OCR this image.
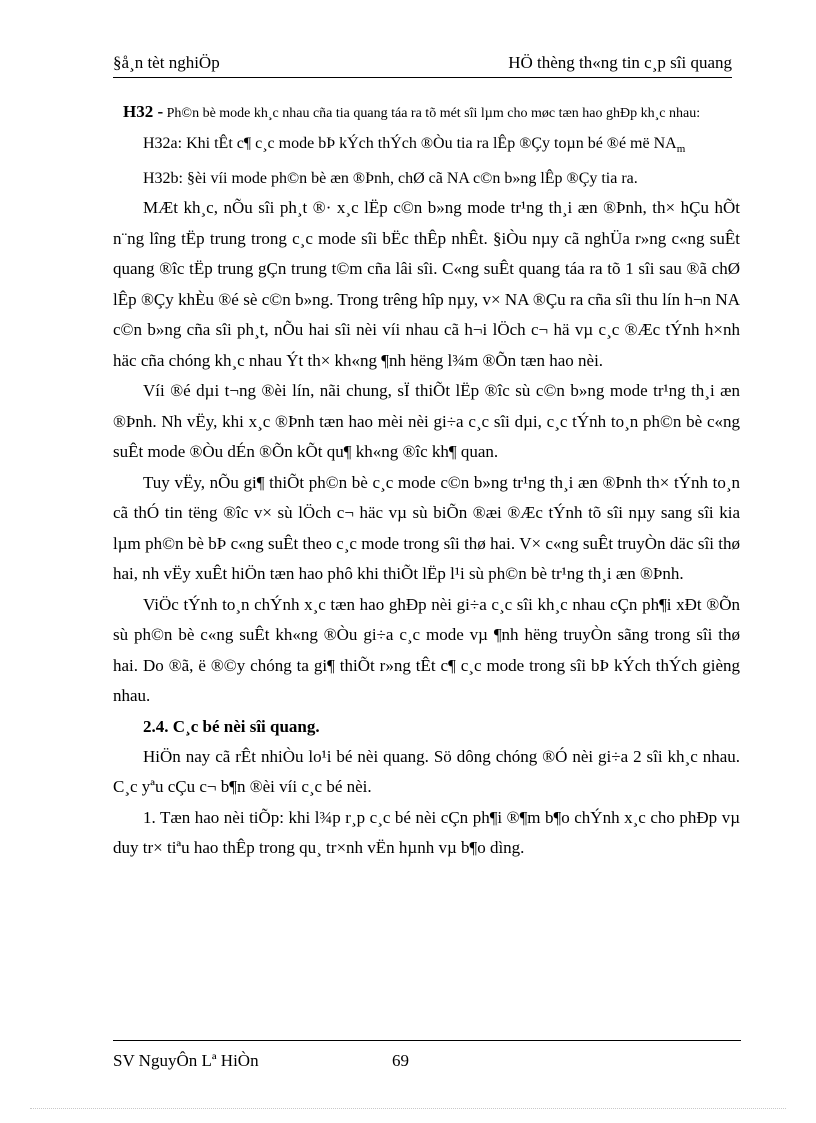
§å¸n tèt nghiÖp	HÖ thèng th«ng tin c¸p sîi quang
H32 - Ph©n bè mode kh¸c nhau cña tia quang táa ra tõ mét sîi lµm cho møc tæn hao ghÐp kh¸c nhau:
H32a: Khi tÊt c¶ c¸c mode bÞ kÝch thÝch ®Òu tia ra lÊp ®Çy toµn bé ®é më $NA_m$
H32b: §èi víi mode ph©n bè æn ®Þnh, chØ cã NA c©n b»ng lÊp ®Çy tia ra.

MÆt kh¸c, nÕu sîi ph¸t ®· x¸c lËp c©n b»ng mode tr¹ng th¸i æn ®Þnh, th× hÇu hÕt n¨ng lîng tËp trung trong c¸c mode sîi bËc thÊp nhÊt. §iÒu nµy cã nghÜa r»ng c«ng suÊt quang ®îc tËp trung gÇn trung t©m cña lâi sîi. C«ng suÊt quang táa ra tõ 1 sîi sau ®ã chØ lÊp ®Çy khÈu ®é sè c©n b»ng. Trong trêng hîp nµy, v× NA ®Çu ra cña sîi thu lín h¬n NA c©n b»ng cña sîi ph¸t, nÕu hai sîi nèi víi nhau cã h¬i lÖch c¬ hä vµ c¸c ®Æc tÝnh h×nh häc cña chóng kh¸c nhau Ýt th× kh«ng ¶nh hëng l¾m ®Õn tæn hao nèi.

Víi ®é dµi t¬ng ®èi lín, nãi chung, sÏ thiÕt lËp ®îc sù c©n b»ng mode tr¹ng th¸i æn ®Þnh. Nh vËy, khi x¸c ®Þnh tæn hao mèi nèi gi÷a c¸c sîi dµi, c¸c tÝnh to¸n ph©n bè c«ng suÊt mode ®Òu dÉn ®Õn kÕt qu¶ kh«ng ®îc kh¶ quan.

Tuy vËy, nÕu gi¶ thiÕt ph©n bè c¸c mode c©n b»ng tr¹ng th¸i æn ®Þnh th× tÝnh to¸n cã thÓ tin tëng ®îc v× sù lÖch c¬ häc vµ sù biÕn ®æi ®Æc tÝnh tõ sîi nµy sang sîi kia lµm ph©n bè bÞ c«ng suÊt theo c¸c mode trong sîi thø hai. V× c«ng suÊt truyÒn däc sîi thø hai, nh vËy xuÊt hiÖn tæn hao phô khi thiÕt lËp l¹i sù ph©n bè tr¹ng th¸i æn ®Þnh.

ViÖc tÝnh to¸n chÝnh x¸c tæn hao ghÐp nèi gi÷a c¸c sîi kh¸c nhau cÇn ph¶i xÐt ®Õn sù ph©n bè c«ng suÊt kh«ng ®Òu gi÷a c¸c mode vµ ¶nh hëng truyÒn sãng trong sîi thø hai. Do ®ã, ë ®©y chóng ta gi¶ thiÕt r»ng tÊt c¶ c¸c mode trong sîi bÞ kÝch thÝch gièng nhau.

2.4. C¸c bé nèi sîi quang.

HiÖn nay cã rÊt nhiÒu lo¹i bé nèi quang. Sö dông chóng ®Ó nèi gi÷a 2 sîi kh¸c nhau. C¸c yªu cÇu c¬ b¶n ®èi víi c¸c bé nèi.

1. Tæn hao nèi tiÕp: khi l¾p r¸p c¸c bé nèi cÇn ph¶i ®¶m b¶o chÝnh x¸c cho phÐp vµ duy tr× tiªu hao thÊp trong qu¸ tr×nh vËn hµnh vµ b¶o dìng.

SV NguyÔn Lª HiÒn	69
